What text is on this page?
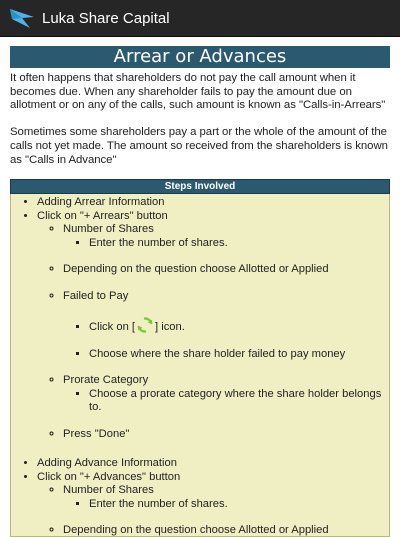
Luka Share Capital
Arrear or Advances

It often happens that shareholders do not pay the call amount when it becomes due. When any shareholder fails to pay the amount due on allotment or on any of the calls, such amount is known as "Calls-in-Arrears"

Sometimes some shareholders pay a part or the whole of the amount of the calls not yet made. The amount so received from the shareholders is known as "Calls in Advance"

Steps Involved
• Adding Arrear Information
• Click on "+ Arrears" button
◦ Number of Shares
▪ Enter the number of shares.
◦ Depending on the question choose Allotted or Applied
◦ Failed to Pay
▪ Click on [ ] icon.
▪ Choose where the share holder failed to pay money
◦ Prorate Category
▪ Choose a prorate category where the share holder belongs to.
◦ Press "Done"
• Adding Advance Information
• Click on "+ Advances" button
◦ Number of Shares
▪ Enter the number of shares.
◦ Depending on the question choose Allotted or Applied
